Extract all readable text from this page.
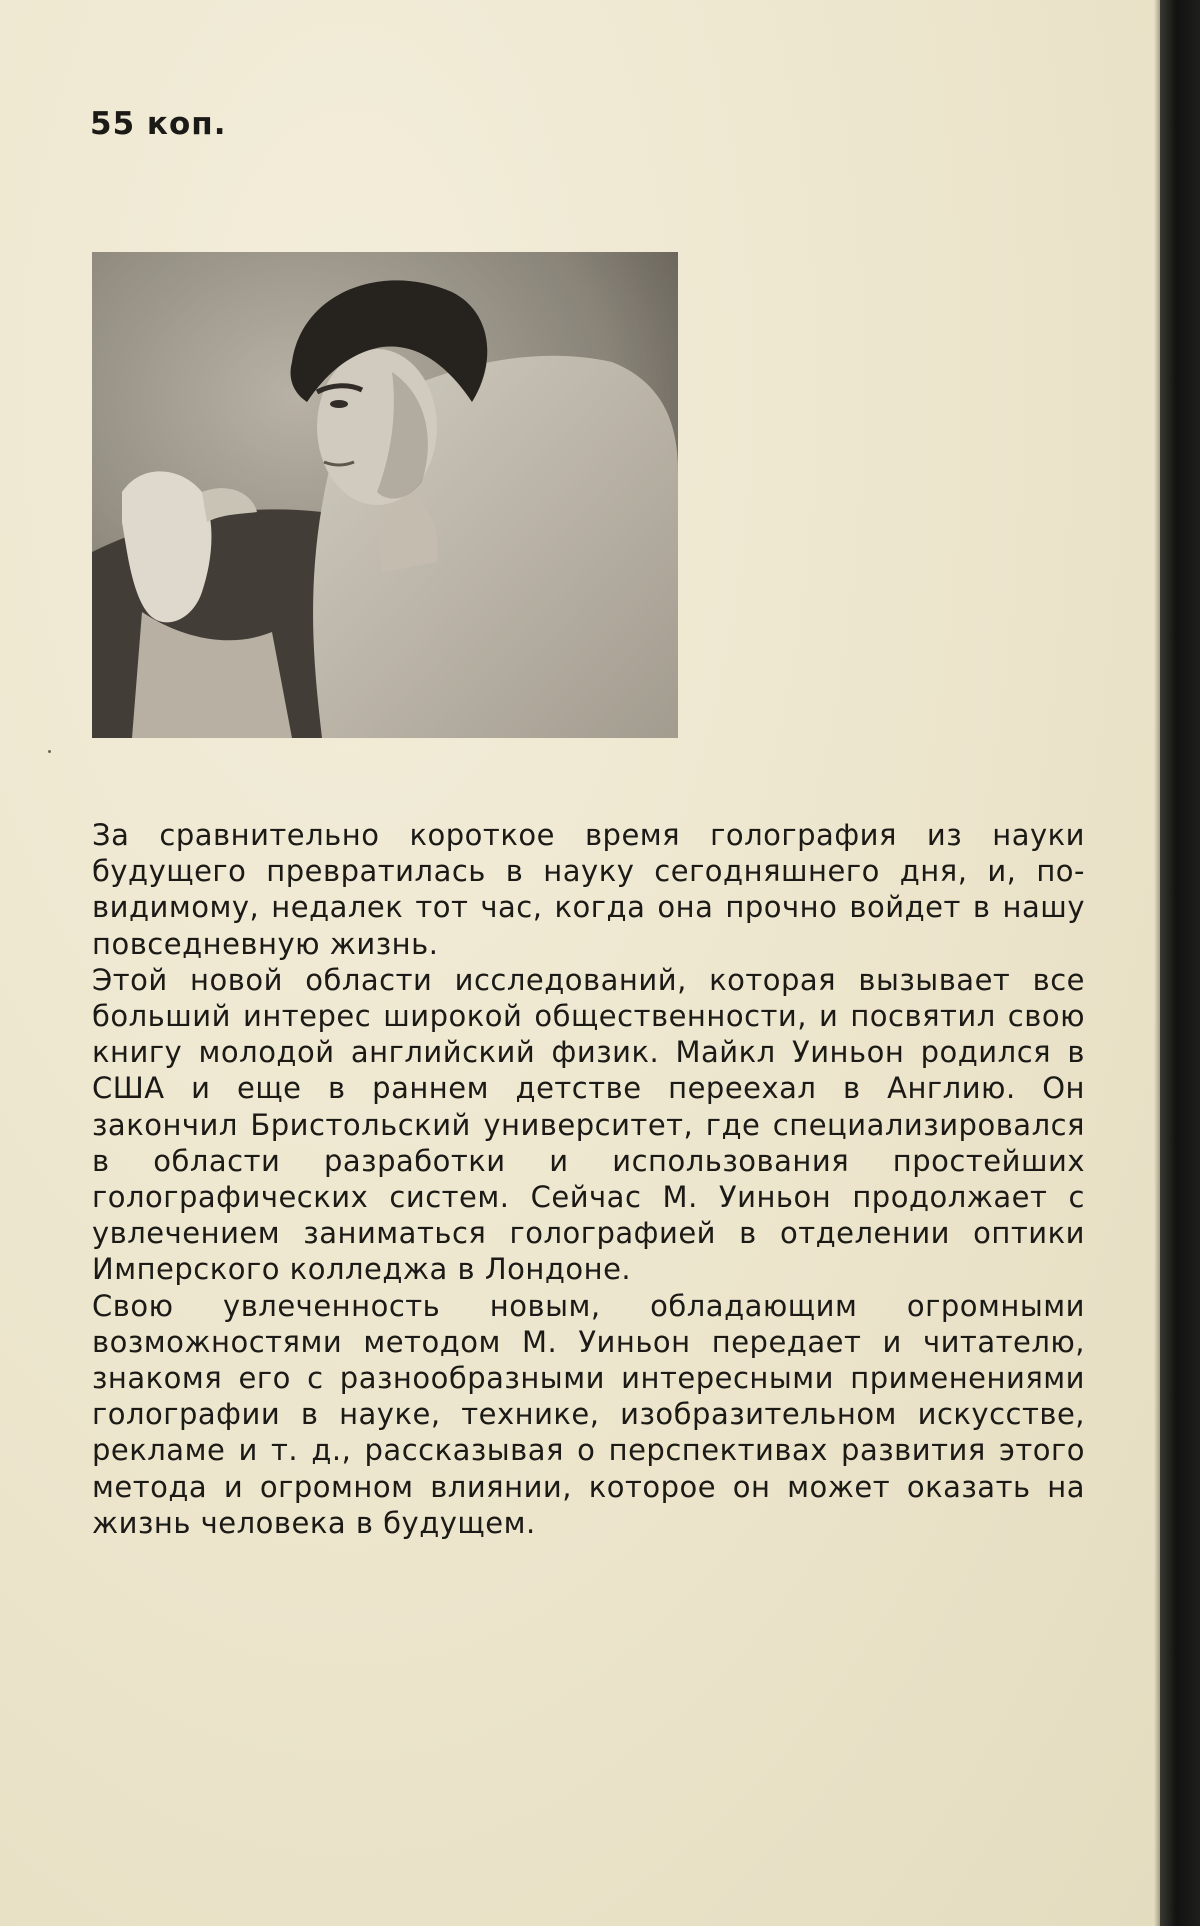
55 коп.

За сравнительно короткое время голография из науки будущего превратилась в науку сегодняшнего дня, и, по-видимому, недалек тот час, когда она прочно войдет в нашу повседневную жизнь.

Этой новой области исследований, которая вызывает все больший интерес широкой общественности, и посвятил свою книгу молодой английский физик. Майкл Уиньон родился в США и еще в раннем детстве переехал в Англию. Он закончил Бристольский университет, где специализировался в области разработки и использования простейших голографических систем. Сейчас М. Уиньон продолжает с увлечением заниматься голографией в отделении оптики Имперского колледжа в Лондоне.

Свою увлеченность новым, обладающим огромными возможностями методом М. Уиньон передает и читателю, знакомя его с разнообразными интересными применениями голографии в науке, технике, изобразительном искусстве, рекламе и т. д., рассказывая о перспективах развития этого метода и огромном влиянии, которое он может оказать на жизнь человека в будущем.
